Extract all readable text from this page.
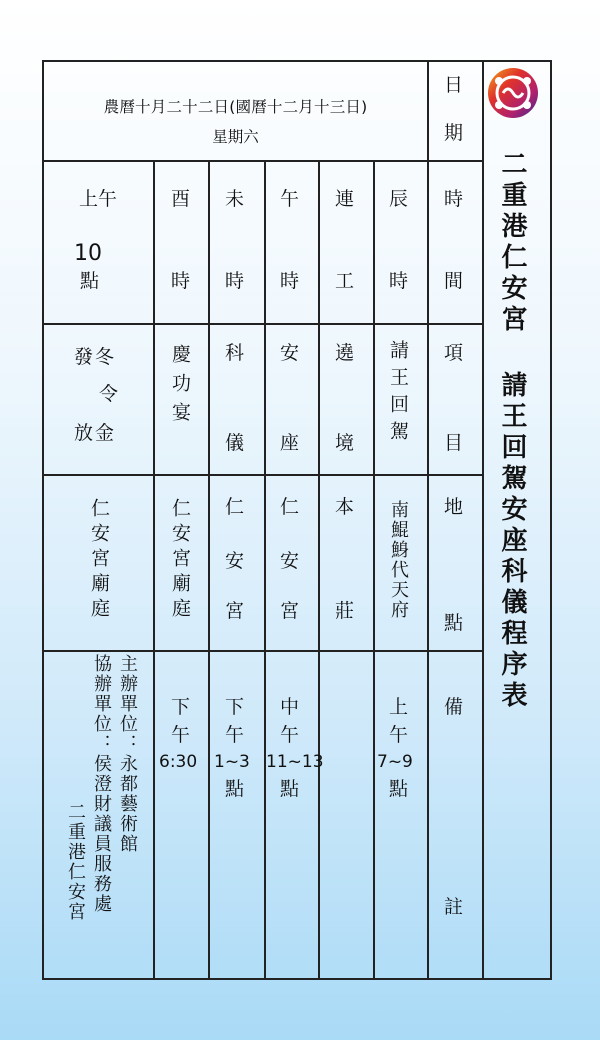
二重港仁安宮 請王回駕安座科儀程序表
農曆十月二十二日(國曆十二月十三日)
星期六
日
期
時
間
項
目
地
點
備
註
辰
時
連
工
午
時
未
時
酉
時
上午
10
點
請王回駕
遶
境
安
座
科
儀
慶功宴
發冬
令
放金
南鯤鯓代天府
本
莊
仁
安
宮
仁
安
宮
仁安宮廟庭
仁安宮廟庭
上
午
7~9
點
中
午
11~13
點
下
午
1~3
點
下
午
6:30
主辦單位：永都藝術館
協辦單位：侯澄財議員服務處
二重港仁安宮
